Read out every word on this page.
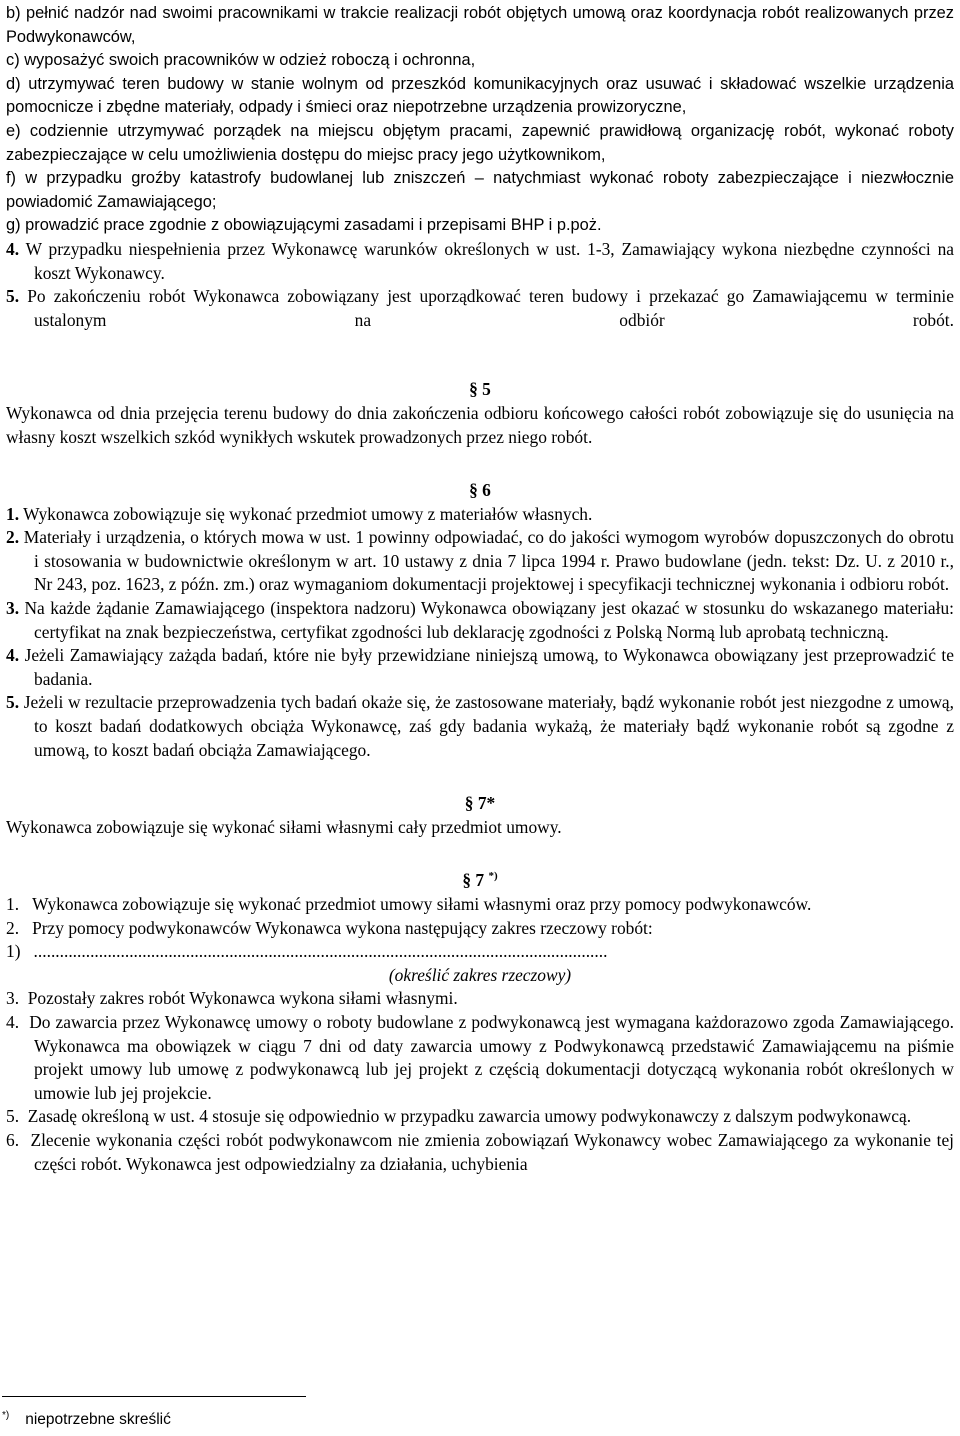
b) pełnić nadzór nad swoimi pracownikami w trakcie realizacji robót objętych umową oraz koordynacja robót realizowanych przez Podwykonawców,

c) wyposażyć swoich pracowników w odzież roboczą i ochronna,

d) utrzymywać teren budowy w stanie wolnym od przeszkód komunikacyjnych oraz usuwać i składować wszelkie urządzenia pomocnicze i zbędne materiały, odpady i śmieci oraz niepotrzebne urządzenia prowizoryczne,

e) codziennie utrzymywać porządek na miejscu objętym pracami, zapewnić prawidłową organizację robót, wykonać roboty zabezpieczające w celu umożliwienia dostępu do miejsc pracy jego użytkownikom,

f) w przypadku groźby katastrofy budowlanej lub zniszczeń – natychmiast wykonać roboty zabezpieczające i niezwłocznie powiadomić Zamawiającego;

g) prowadzić prace zgodnie z obowiązującymi zasadami i przepisami BHP i p.poż.

4. W przypadku niespełnienia przez Wykonawcę warunków określonych w ust. 1-3, Zamawiający wykona niezbędne czynności na koszt Wykonawcy.

5. Po zakończeniu robót Wykonawca zobowiązany jest uporządkować teren budowy i przekazać go Zamawiającemu w terminie ustalonym na odbiór robót.

§ 5

Wykonawca od dnia przejęcia terenu budowy do dnia zakończenia odbioru końcowego całości robót zobowiązuje się do usunięcia na własny koszt wszelkich szkód wynikłych wskutek prowadzonych przez niego robót.

§ 6

1. Wykonawca zobowiązuje się wykonać przedmiot umowy z materiałów własnych.

2. Materiały i urządzenia, o których mowa w ust. 1 powinny odpowiadać, co do jakości wymogom wyrobów dopuszczonych do obrotu i stosowania w budownictwie określonym w art. 10 ustawy z dnia 7 lipca 1994 r. Prawo budowlane (jedn. tekst: Dz. U. z 2010 r., Nr 243, poz. 1623, z późn. zm.) oraz wymaganiom dokumentacji projektowej i specyfikacji technicznej wykonania i odbioru robót.

3. Na każde żądanie Zamawiającego (inspektora nadzoru) Wykonawca obowiązany jest okazać w stosunku do wskazanego materiału: certyfikat na znak bezpieczeństwa, certyfikat zgodności lub deklarację zgodności z Polską Normą lub aprobatą techniczną.

4. Jeżeli Zamawiający zażąda badań, które nie były przewidziane niniejszą umową, to Wykonawca obowiązany jest przeprowadzić te badania.

5. Jeżeli w rezultacie przeprowadzenia tych badań okaże się, że zastosowane materiały, bądź wykonanie robót jest niezgodne z umową, to koszt badań dodatkowych obciąża Wykonawcę, zaś gdy badania wykażą, że materiały bądź wykonanie robót są zgodne z umową, to koszt badań obciąża Zamawiającego.

§ 7*

Wykonawca zobowiązuje się wykonać siłami własnymi cały przedmiot umowy.

§ 7 *)

1. Wykonawca zobowiązuje się wykonać przedmiot umowy siłami własnymi oraz przy pomocy podwykonawców.

2. Przy pomocy podwykonawców Wykonawca wykona następujący zakres rzeczowy robót:

1) ....................................................................................................................................

(określić zakres rzeczowy)

3. Pozostały zakres robót Wykonawca wykona siłami własnymi.

4. Do zawarcia przez Wykonawcę umowy o roboty budowlane z podwykonawcą jest wymagana każdorazowo zgoda Zamawiającego. Wykonawca ma obowiązek w ciągu 7 dni od daty zawarcia umowy z Podwykonawcą przedstawić Zamawiającemu na piśmie projekt umowy lub umowę z podwykonawcą lub jej projekt z częścią dokumentacji dotyczącą wykonania robót określonych w umowie lub jej projekcie.

5. Zasadę określoną w ust. 4 stosuje się odpowiednio w przypadku zawarcia umowy podwykonawczy z dalszym podwykonawcą.

6. Zlecenie wykonania części robót podwykonawcom nie zmienia zobowiązań Wykonawcy wobec Zamawiającego za wykonanie tej części robót. Wykonawca jest odpowiedzialny za działania, uchybienia

*) niepotrzebne skreślić
